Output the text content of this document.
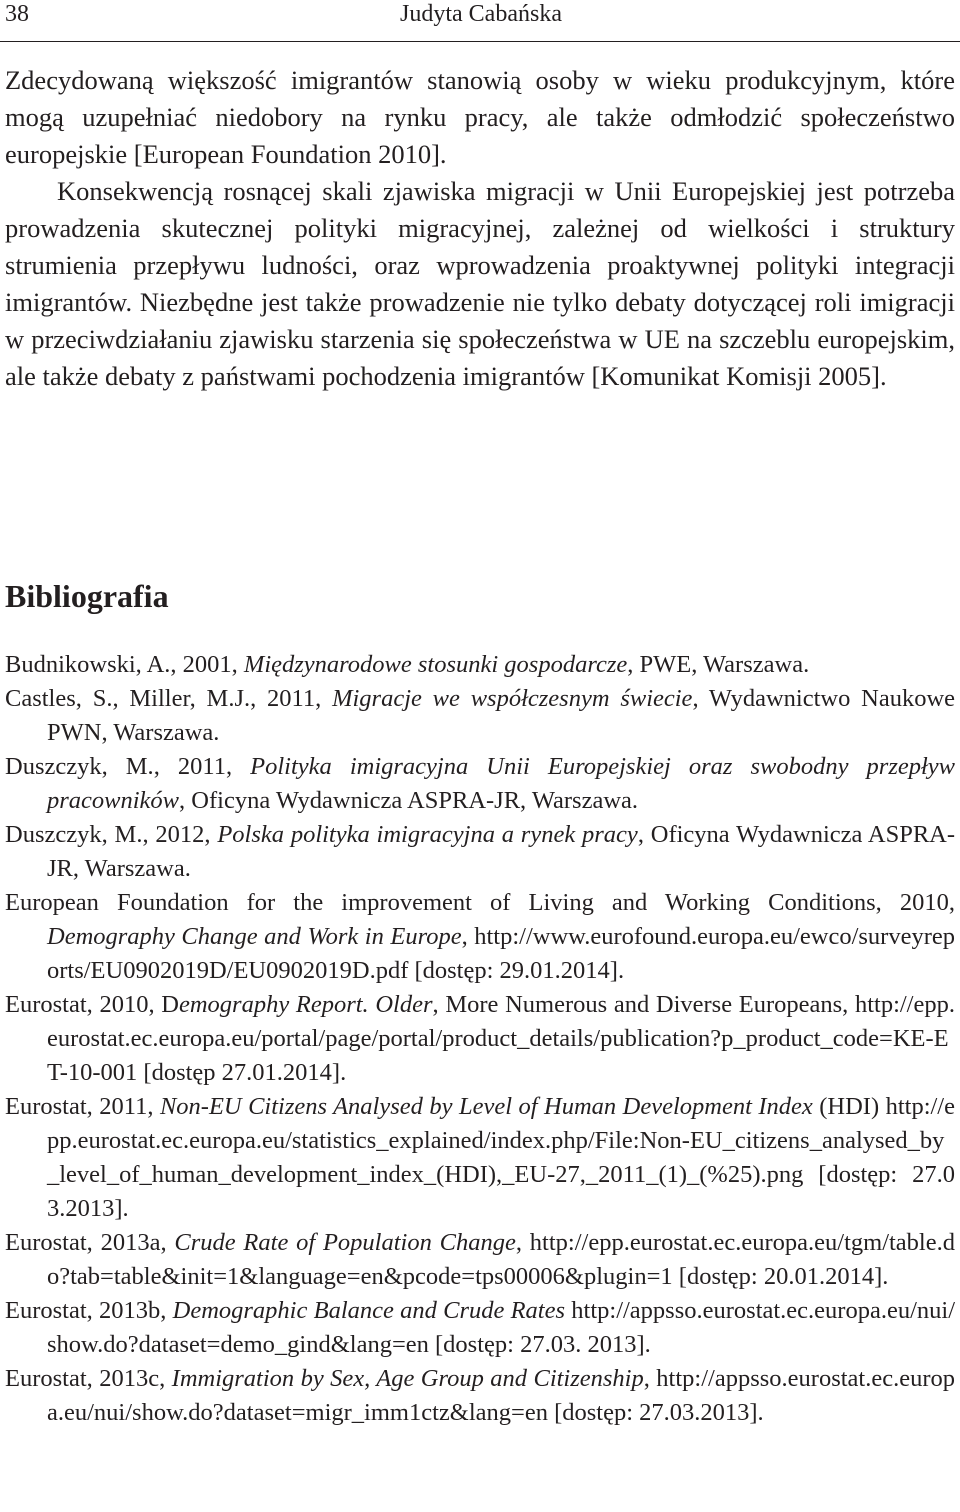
38	Judyta Cabańska

Zdecydowaną większość imigrantów stanowią osoby w wieku produkcyjnym, które mogą uzupełniać niedobory na rynku pracy, ale także odmłodzić społeczeństwo europejskie [European Foundation 2010].

Konsekwencją rosnącej skali zjawiska migracji w Unii Europejskiej jest potrzeba prowadzenia skutecznej polityki migracyjnej, zależnej od wielkości i struktury strumienia przepływu ludności, oraz wprowadzenia proaktywnej polityki integracji imigrantów. Niezbędne jest także prowadzenie nie tylko debaty dotyczącej roli imigracji w przeciwdziałaniu zjawisku starzenia się społeczeństwa w UE na szczeblu europejskim, ale także debaty z państwami pochodzenia imigrantów [Komunikat Komisji 2005].

Bibliografia
Budnikowski, A., 2001, Międzynarodowe stosunki gospodarcze, PWE, Warszawa.
Castles, S., Miller, M.J., 2011, Migracje we współczesnym świecie, Wydawnictwo Naukowe PWN, Warszawa.
Duszczyk, M., 2011, Polityka imigracyjna Unii Europejskiej oraz swobodny przepływ pracowników, Oficyna Wydawnicza ASPRA-JR, Warszawa.
Duszczyk, M., 2012, Polska polityka imigracyjna a rynek pracy, Oficyna Wydawnicza ASPRA-JR, Warszawa.
European Foundation for the improvement of Living and Working Conditions, 2010, Demography Change and Work in Europe, http://www.eurofound.europa.eu/ewco/surveyreports/EU0902019D/EU0902019D.pdf [dostęp: 29.01.2014].
Eurostat, 2010, Demography Report. Older, More Numerous and Diverse Europeans, http://epp.eurostat.ec.europa.eu/portal/page/portal/product_details/publication?p_product_code=KE-ET-10-001 [dostęp 27.01.2014].
Eurostat, 2011, Non-EU Citizens Analysed by Level of Human Development Index (HDI) http://epp.eurostat.ec.europa.eu/statistics_explained/index.php/File:Non-EU_citizens_analysed_by_level_of_human_development_index_(HDI),_EU-27,_2011_(1)_(%25).png [dostęp: 27.03.2013].
Eurostat, 2013a, Crude Rate of Population Change, http://epp.eurostat.ec.europa.eu/tgm/table.do?tab=table&init=1&language=en&pcode=tps00006&plugin=1 [dostęp: 20.01.2014].
Eurostat, 2013b, Demographic Balance and Crude Rates http://appsso.eurostat.ec.europa.eu/nui/show.do?dataset=demo_gind&lang=en [dostęp: 27.03. 2013].
Eurostat, 2013c, Immigration by Sex, Age Group and Citizenship, http://appsso.eurostat.ec.europa.eu/nui/show.do?dataset=migr_imm1ctz&lang=en [dostęp: 27.03.2013].
